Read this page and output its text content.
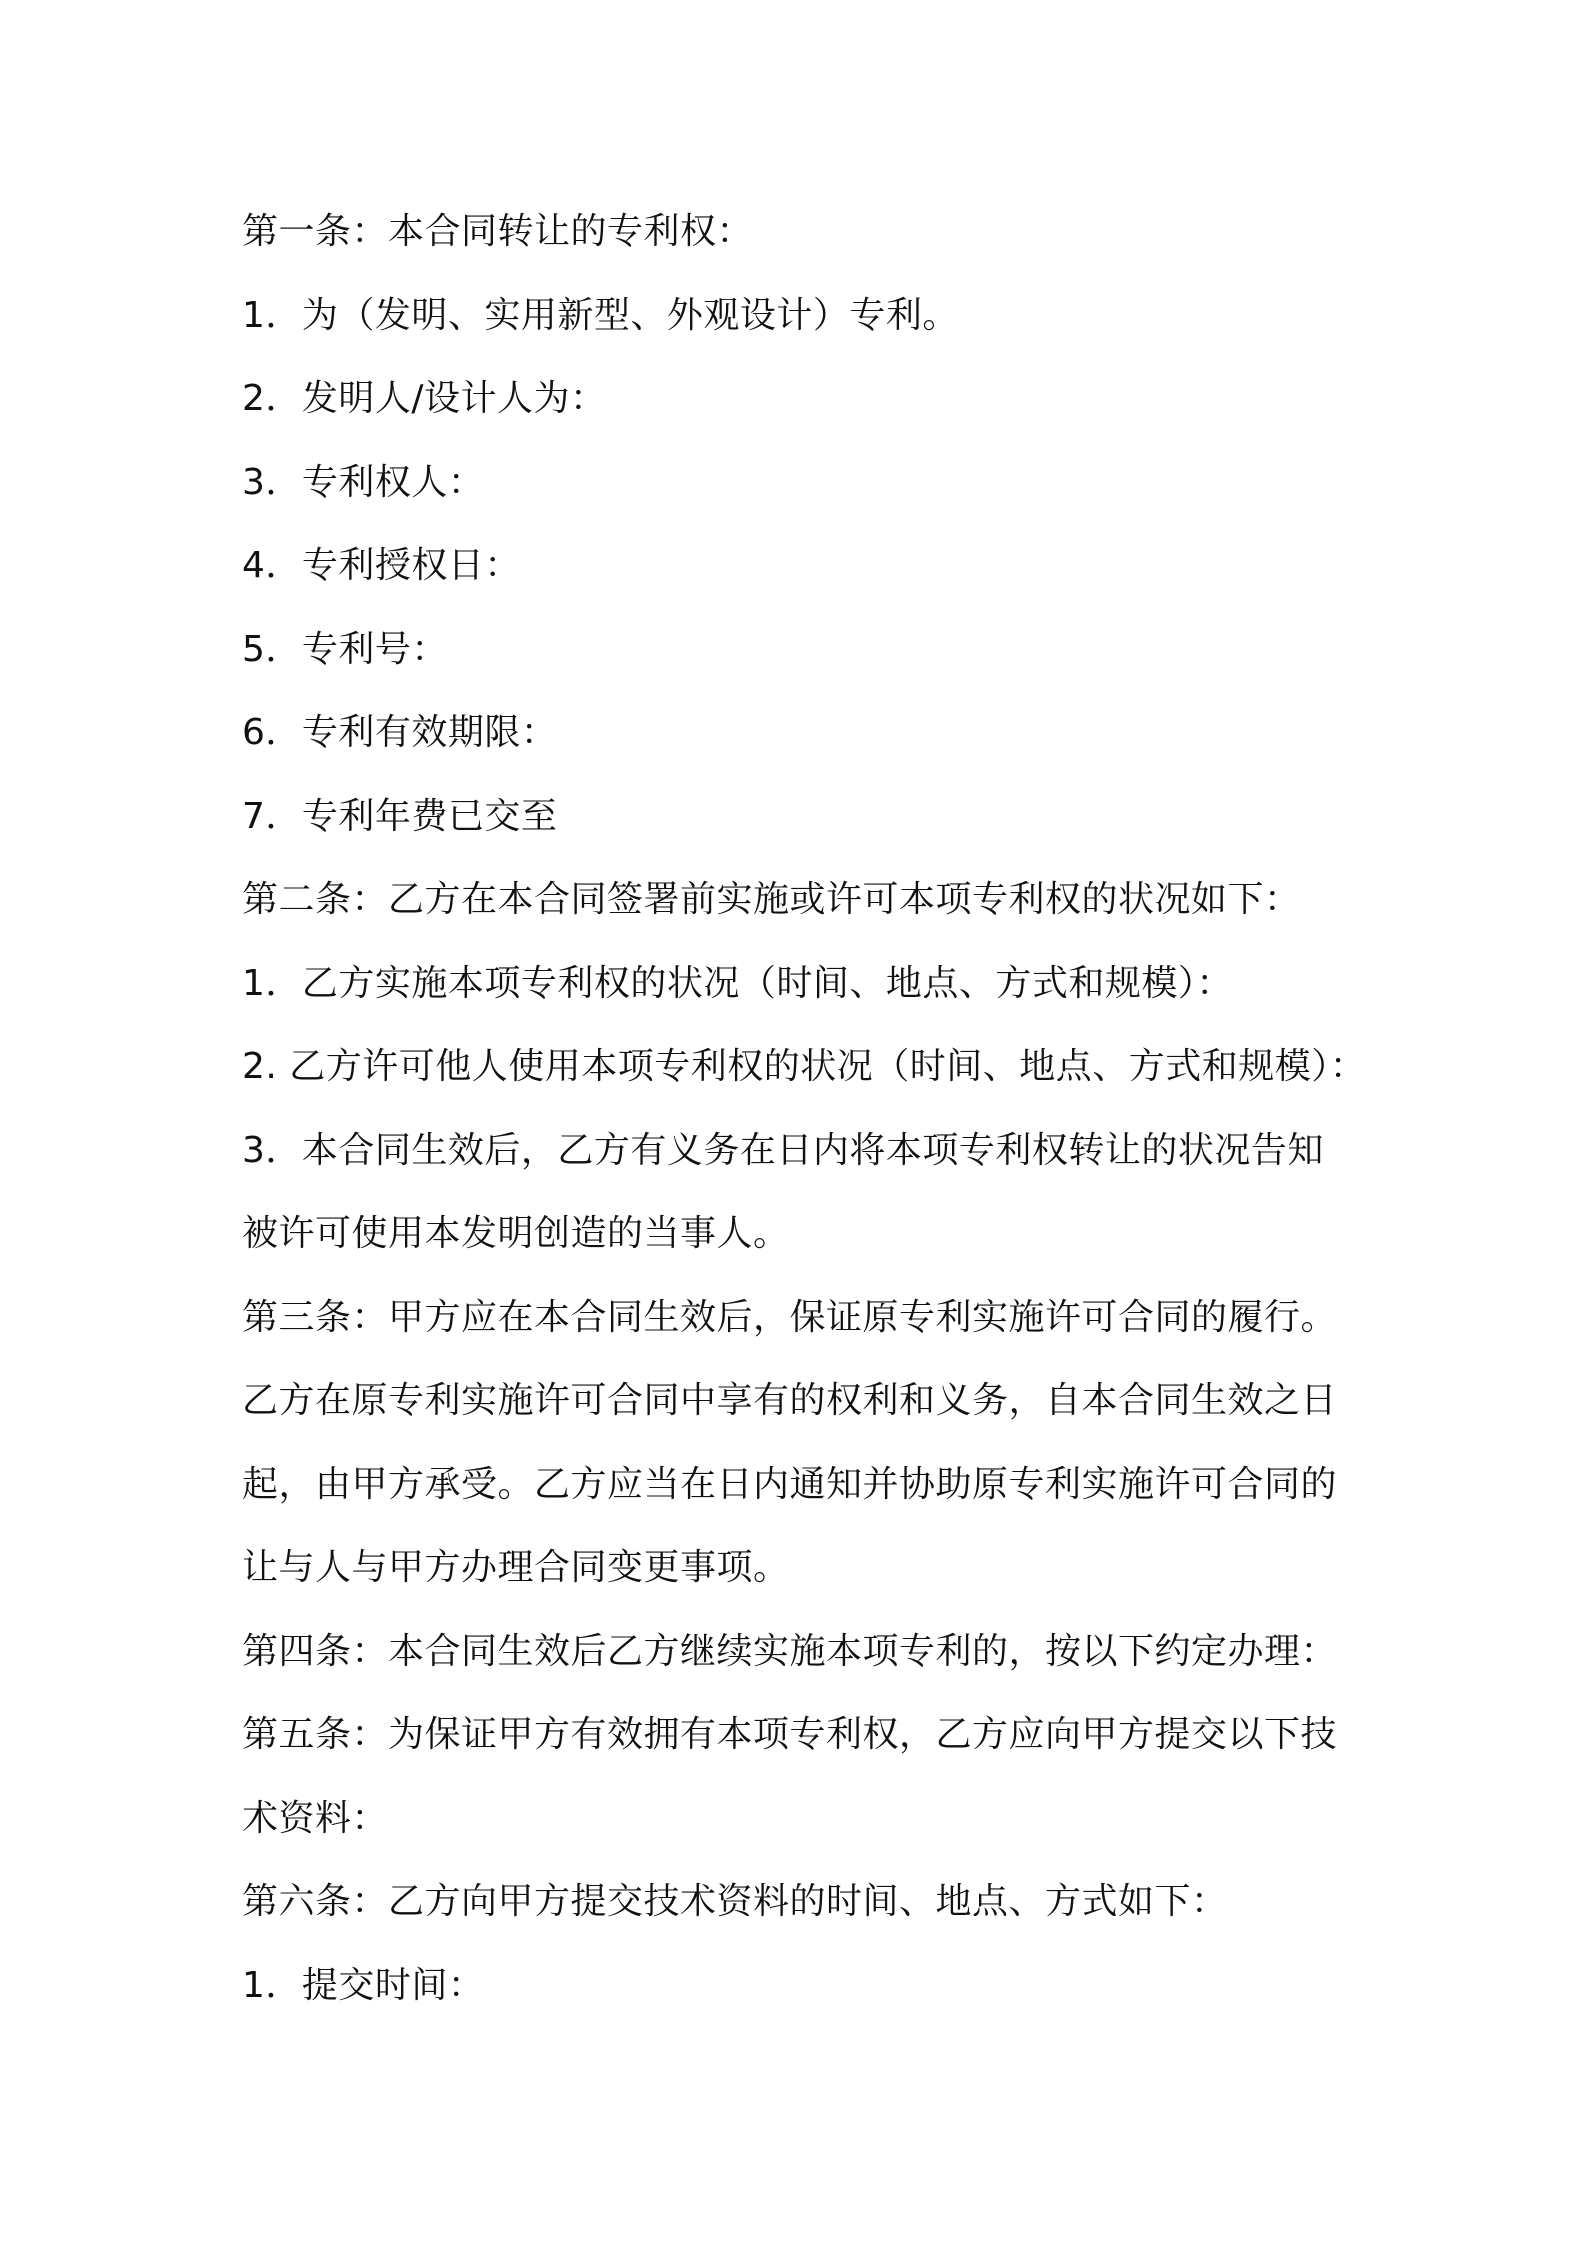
第一条：本合同转让的专利权：
1．为（发明、实用新型、外观设计）专利。
2．发明人/设计人为：
3．专利权人：
4．专利授权日：
5．专利号：
6．专利有效期限：
7．专利年费已交至
第二条：乙方在本合同签署前实施或许可本项专利权的状况如下：
1．乙方实施本项专利权的状况（时间、地点、方式和规模）：
2. 乙方许可他人使用本项专利权的状况（时间、地点、方式和规模）：
3．本合同生效后，乙方有义务在日内将本项专利权转让的状况告知
被许可使用本发明创造的当事人。
第三条：甲方应在本合同生效后，保证原专利实施许可合同的履行。
乙方在原专利实施许可合同中享有的权利和义务，自本合同生效之日
起，由甲方承受。乙方应当在日内通知并协助原专利实施许可合同的
让与人与甲方办理合同变更事项。
第四条：本合同生效后乙方继续实施本项专利的，按以下约定办理：
第五条：为保证甲方有效拥有本项专利权，乙方应向甲方提交以下技
术资料：
第六条：乙方向甲方提交技术资料的时间、地点、方式如下：
1．提交时间：
